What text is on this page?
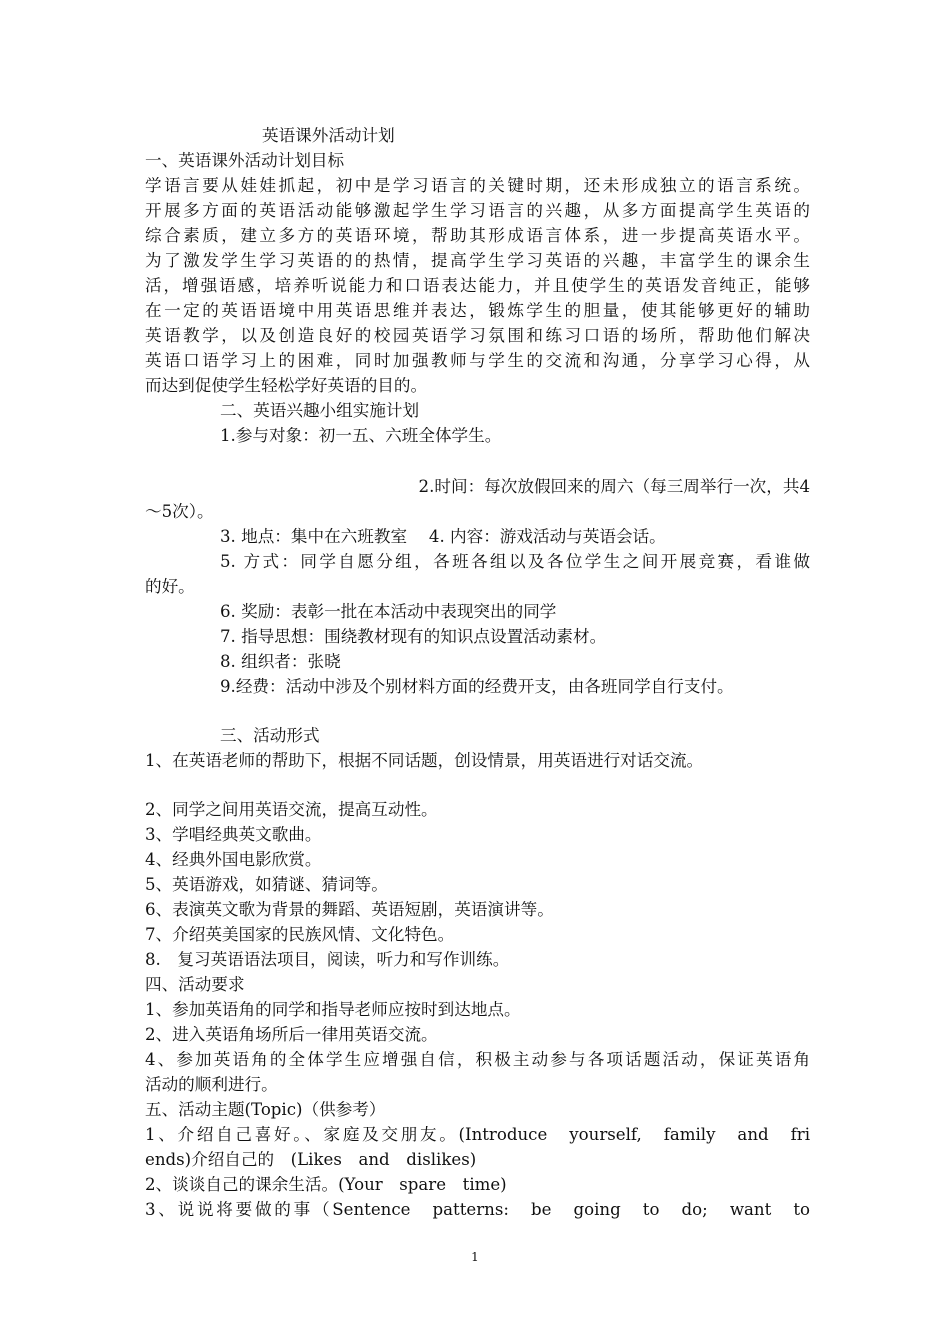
英语课外活动计划
一、英语课外活动计划目标
学语言要从娃娃抓起，初中是学习语言的关键时期，还未形成独立的语言系统。
开展多方面的英语活动能够激起学生学习语言的兴趣，从多方面提高学生英语的
综合素质，建立多方的英语环境，帮助其形成语言体系，进一步提高英语水平。
为了激发学生学习英语的的热情，提高学生学习英语的兴趣，丰富学生的课余生
活，增强语感，培养听说能力和口语表达能力，并且使学生的英语发音纯正，能够
在一定的英语语境中用英语思维并表达，锻炼学生的胆量，使其能够更好的辅助
英语教学，以及创造良好的校园英语学习氛围和练习口语的场所，帮助他们解决
英语口语学习上的困难，同时加强教师与学生的交流和沟通，分享学习心得，从
而达到促使学生轻松学好英语的目的。
二、英语兴趣小组实施计划
1.参与对象：初一五、六班全体学生。
2.时间：每次放假回来的周六（每三周举行一次，共4
～5次）。
3. 地点：集中在六班教室　 4. 内容：游戏活动与英语会话。
5. 方式：同学自愿分组，各班各组以及各位学生之间开展竞赛，看谁做
的好。
6. 奖励：表彰一批在本活动中表现突出的同学
7. 指导思想：围绕教材现有的知识点设置活动素材。
8. 组织者：张晓
9.经费：活动中涉及个别材料方面的经费开支，由各班同学自行支付。
三、活动形式
1、在英语老师的帮助下，根据不同话题，创设情景，用英语进行对话交流。
2、同学之间用英语交流，提高互动性。
3、学唱经典英文歌曲。
4、经典外国电影欣赏。
5、英语游戏，如猜谜、猜词等。
6、表演英文歌为背景的舞蹈、英语短剧，英语演讲等。
7、介绍英美国家的民族风情、文化特色。
8.　复习英语语法项目，阅读，听力和写作训练。
四、活动要求
1、参加英语角的同学和指导老师应按时到达地点。
2、进入英语角场所后一律用英语交流。
4、参加英语角的全体学生应增强自信，积极主动参与各项话题活动，保证英语角
活动的顺利进行。
五、活动主题(Topic)（供参考）
1、介绍自己喜好。、家庭及交朋友。(Introduce　yourself,　family　and　fri
ends)介绍自己的　(Likes　and　dislikes)
2、谈谈自己的课余生活。(Your　spare　time)
3、说说将要做的事（Sentence　patterns:　be　going　to　do;　want　to
1
